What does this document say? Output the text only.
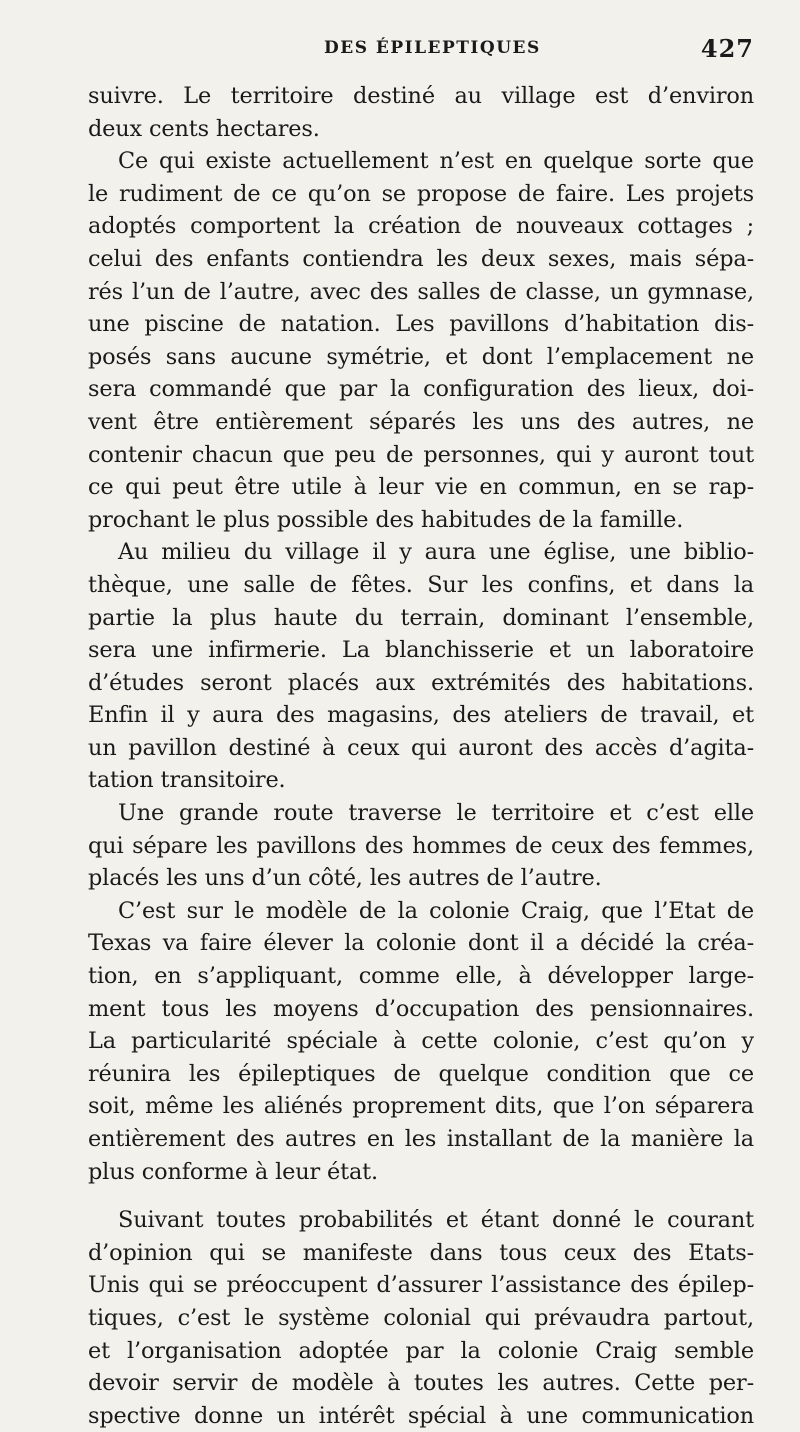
DES ÉPILEPTIQUES	427
suivre. Le territoire destiné au village est d’environ
deux cents hectares.
Ce qui existe actuellement n’est en quelque sorte que
le rudiment de ce qu’on se propose de faire. Les projets
adoptés comportent la création de nouveaux cottages ;
celui des enfants contiendra les deux sexes, mais sépa-
rés l’un de l’autre, avec des salles de classe, un gymnase,
une piscine de natation. Les pavillons d’habitation dis-
posés sans aucune symétrie, et dont l’emplacement ne
sera commandé que par la configuration des lieux, doi-
vent être entièrement séparés les uns des autres, ne
contenir chacun que peu de personnes, qui y auront tout
ce qui peut être utile à leur vie en commun, en se rap-
prochant le plus possible des habitudes de la famille.
Au milieu du village il y aura une église, une biblio-
thèque, une salle de fêtes. Sur les confins, et dans la
partie la plus haute du terrain, dominant l’ensemble,
sera une infirmerie. La blanchisserie et un laboratoire
d’études seront placés aux extrémités des habitations.
Enfin il y aura des magasins, des ateliers de travail, et
un pavillon destiné à ceux qui auront des accès d’agita-
tation transitoire.
Une grande route traverse le territoire et c’est elle
qui sépare les pavillons des hommes de ceux des femmes,
placés les uns d’un côté, les autres de l’autre.
C’est sur le modèle de la colonie Craig, que l’Etat de
Texas va faire élever la colonie dont il a décidé la créa-
tion, en s’appliquant, comme elle, à développer large-
ment tous les moyens d’occupation des pensionnaires.
La particularité spéciale à cette colonie, c’est qu’on y
réunira les épileptiques de quelque condition que ce
soit, même les aliénés proprement dits, que l’on séparera
entièrement des autres en les installant de la manière la
plus conforme à leur état.
Suivant toutes probabilités et étant donné le courant
d’opinion qui se manifeste dans tous ceux des Etats-
Unis qui se préoccupent d’assurer l’assistance des épilep-
tiques, c’est le système colonial qui prévaudra partout,
et l’organisation adoptée par la colonie Craig semble
devoir servir de modèle à toutes les autres. Cette per-
spective donne un intérêt spécial à une communication
